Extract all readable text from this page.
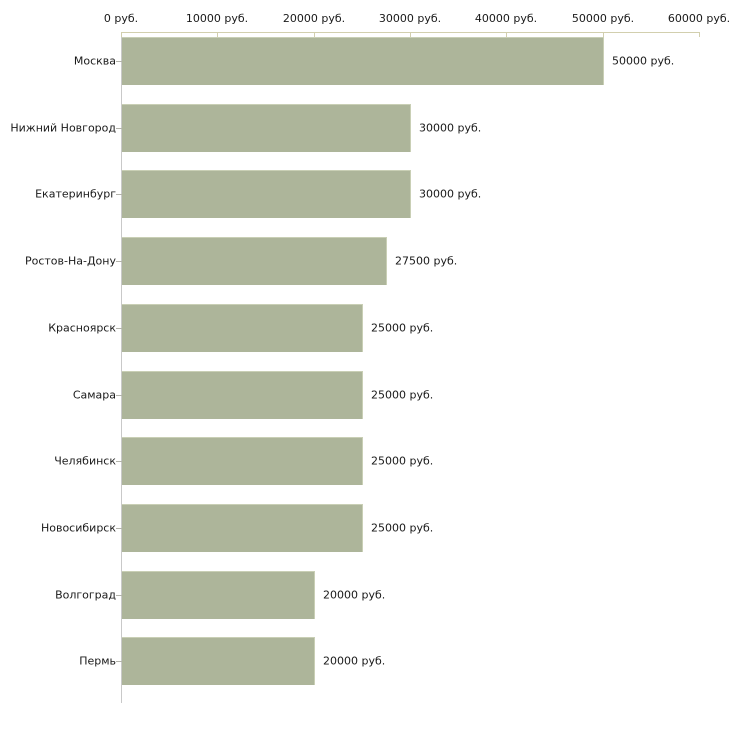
0 руб.	10000 руб.	20000 руб.	30000 руб.	40000 руб.	50000 руб.	60000 руб.
Москва	50000 руб.
Нижний Новгород	30000 руб.
Екатеринбург	30000 руб.
Ростов-На-Дону	27500 руб.
Красноярск	25000 руб.
Самара	25000 руб.
Челябинск	25000 руб.
Новосибирск	25000 руб.
Волгоград	20000 руб.
Пермь	20000 руб.
